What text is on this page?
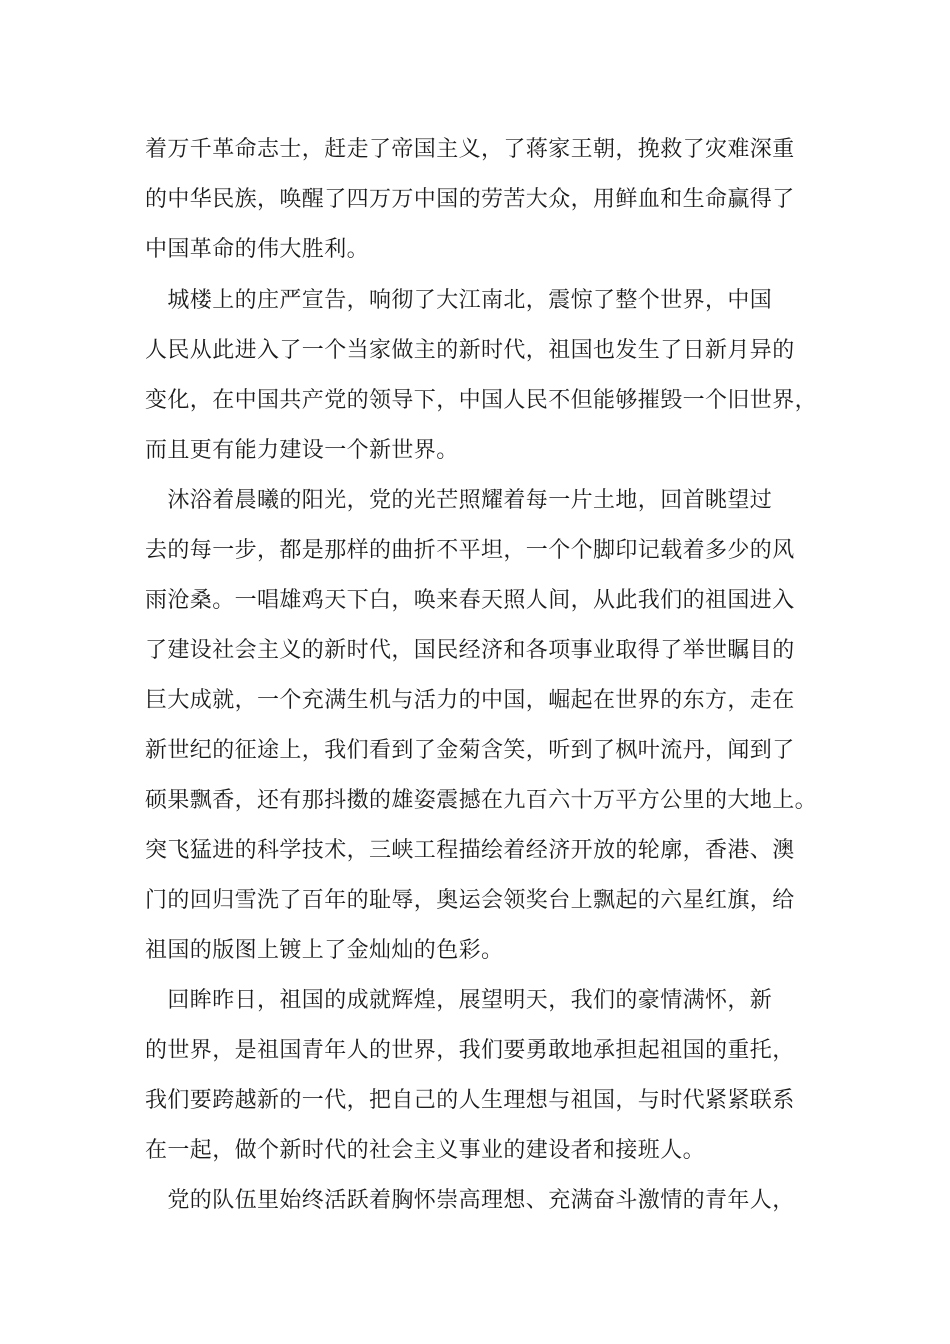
着万千革命志士，赶走了帝国主义，了蒋家王朝，挽救了灾难深重
的中华民族，唤醒了四万万中国的劳苦大众，用鲜血和生命赢得了
中国革命的伟大胜利。
　城楼上的庄严宣告，响彻了大江南北，震惊了整个世界，中国
人民从此进入了一个当家做主的新时代，祖国也发生了日新月异的
变化，在中国共产党的领导下，中国人民不但能够摧毁一个旧世界，
而且更有能力建设一个新世界。
　沐浴着晨曦的阳光，党的光芒照耀着每一片土地，回首眺望过
去的每一步，都是那样的曲折不平坦，一个个脚印记载着多少的风
雨沧桑。一唱雄鸡天下白，唤来春天照人间，从此我们的祖国进入
了建设社会主义的新时代，国民经济和各项事业取得了举世瞩目的
巨大成就，一个充满生机与活力的中国，崛起在世界的东方，走在
新世纪的征途上，我们看到了金菊含笑，听到了枫叶流丹，闻到了
硕果飘香，还有那抖擞的雄姿震撼在九百六十万平方公里的大地上。
突飞猛进的科学技术，三峡工程描绘着经济开放的轮廓，香港、澳
门的回归雪洗了百年的耻辱，奥运会领奖台上飘起的六星红旗，给
祖国的版图上镀上了金灿灿的色彩。
　回眸昨日，祖国的成就辉煌，展望明天，我们的豪情满怀，新
的世界，是祖国青年人的世界，我们要勇敢地承担起祖国的重托，
我们要跨越新的一代，把自己的人生理想与祖国，与时代紧紧联系
在一起，做个新时代的社会主义事业的建设者和接班人。
　党的队伍里始终活跃着胸怀崇高理想、充满奋斗激情的青年人，
